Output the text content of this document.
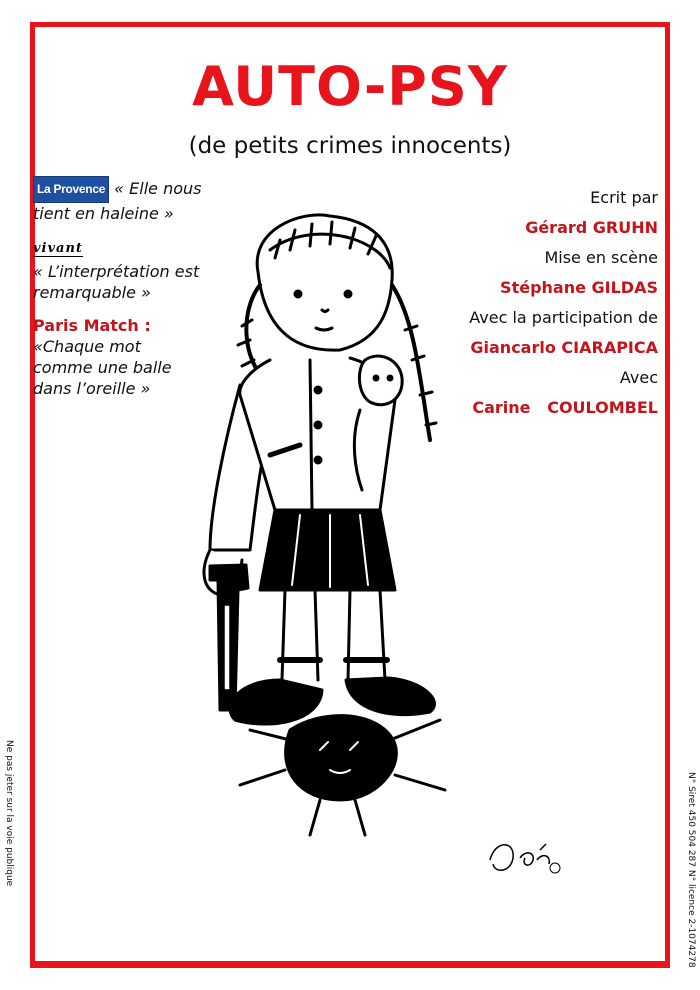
AUTO-PSY
(de petits crimes innocents)
La Provence « Elle nous tient en haleine »
vivant
« L’interprétation est remarquable »
Paris Match :
«Chaque mot comme une balle dans l’oreille »
Ecrit par
Gérard GRUHN
Mise en scène
Stéphane GILDAS
Avec la participation de
Giancarlo CIARAPICA
Avec
Carine   COULOMBEL
Ne pas jeter sur la voie publique	N° Siret 450 504 287 N° licence 2-1074278
